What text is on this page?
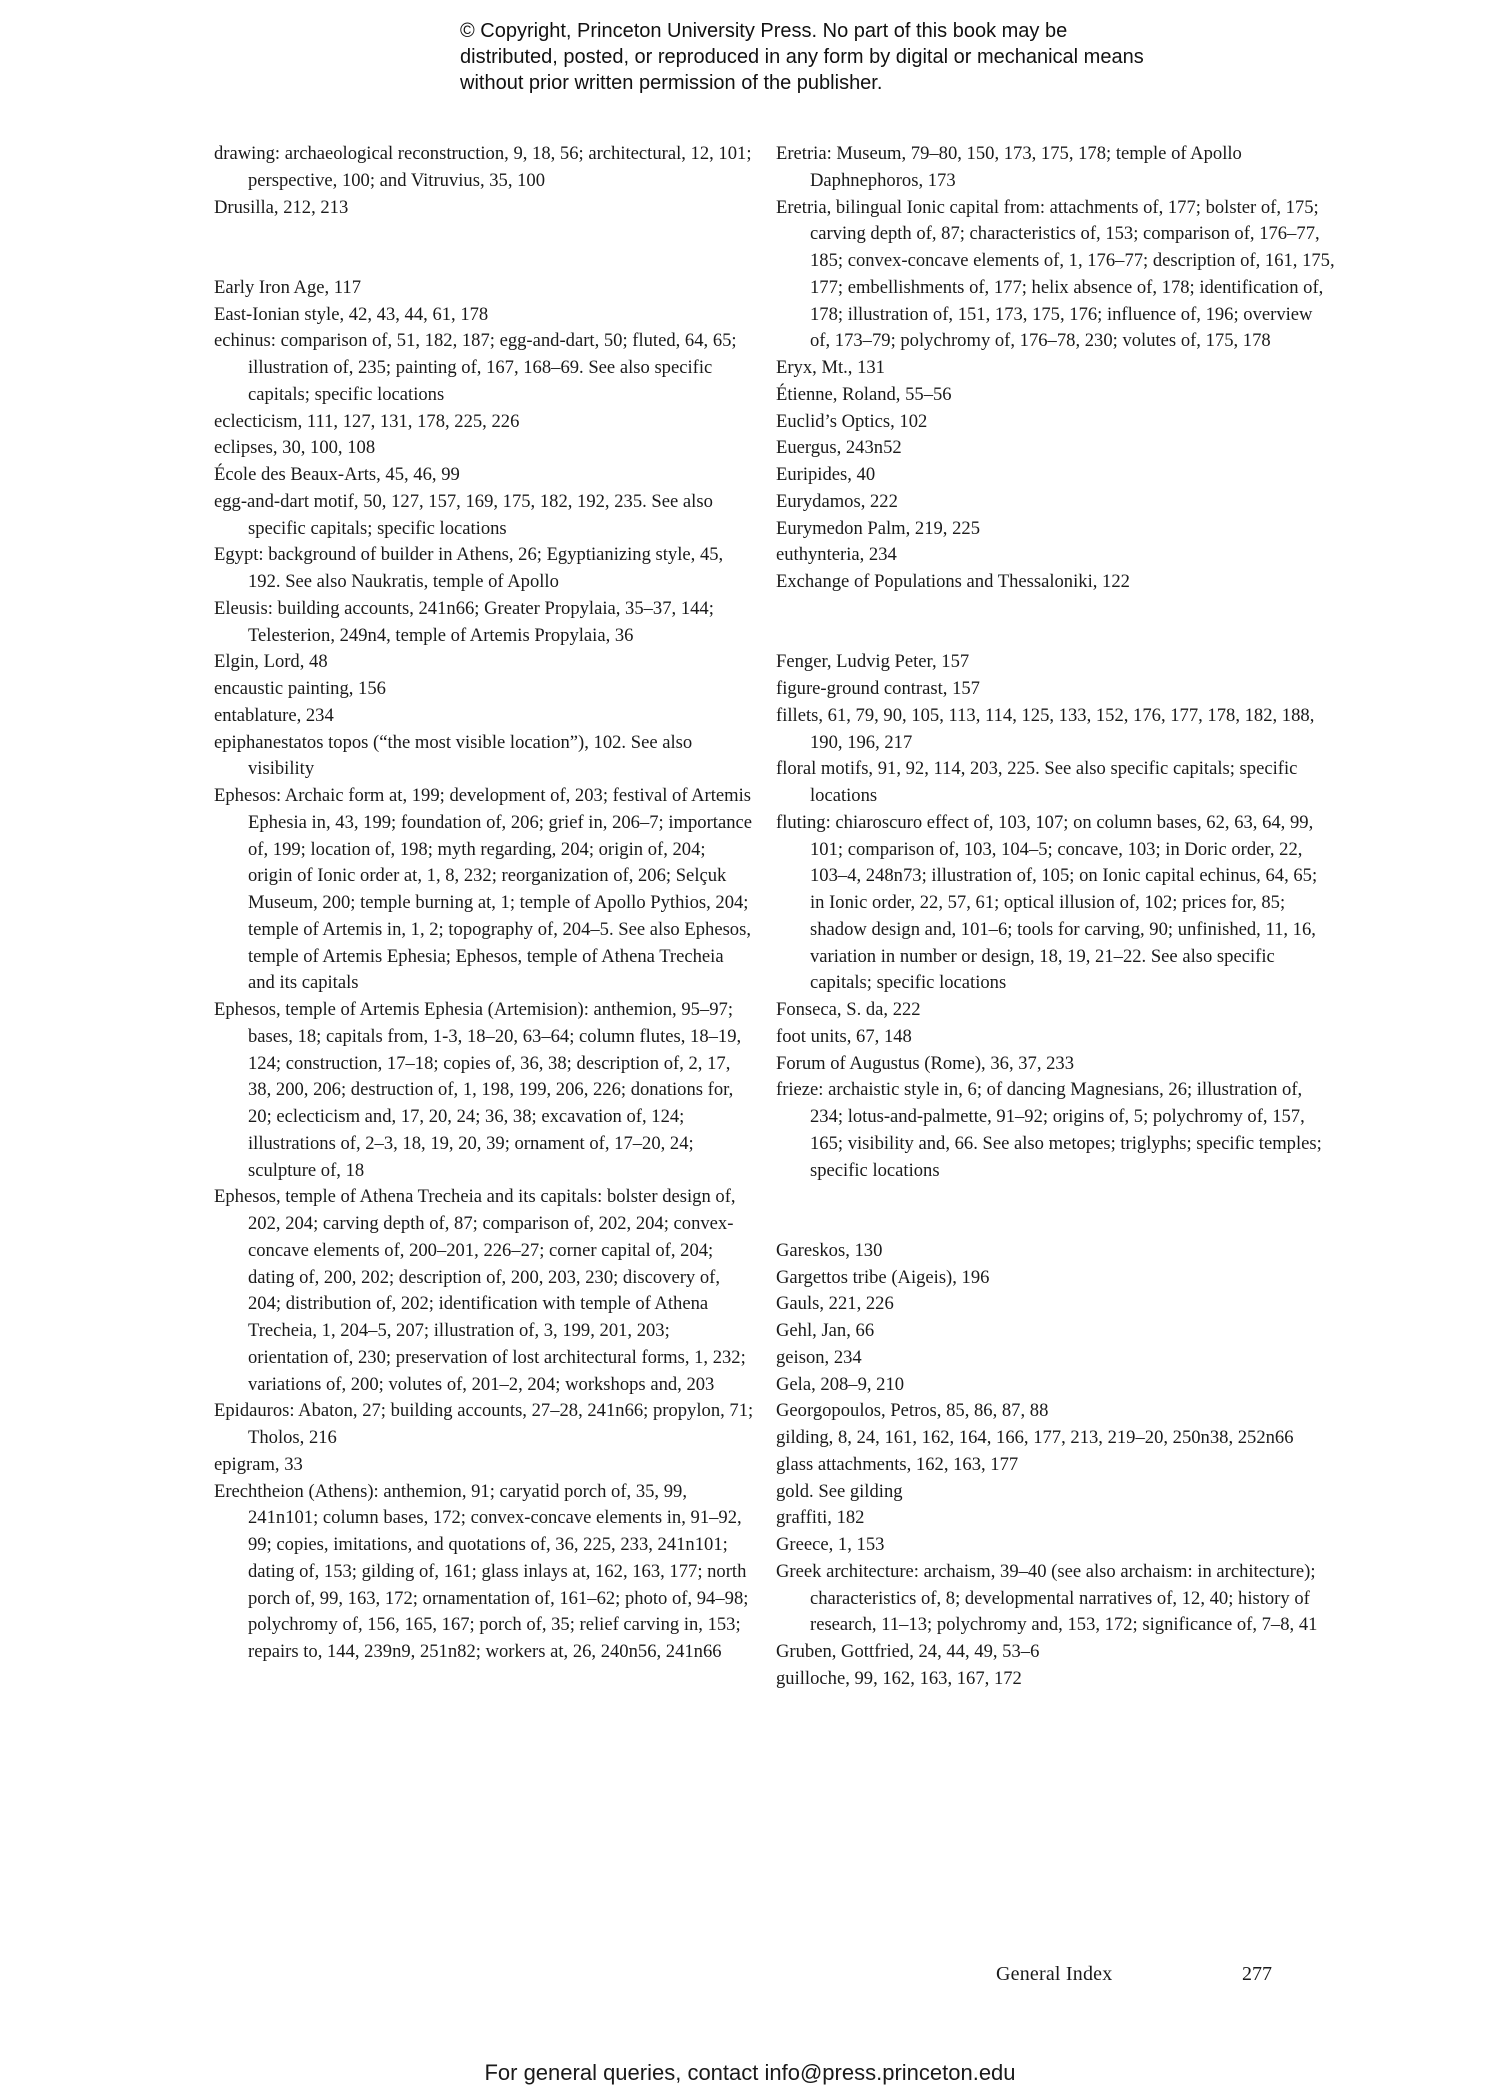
© Copyright, Princeton University Press. No part of this book may be distributed, posted, or reproduced in any form by digital or mechanical means without prior written permission of the publisher.
drawing: archaeological reconstruction, 9, 18, 56; architectural, 12, 101; perspective, 100; and Vitruvius, 35, 100
Drusilla, 212, 213
Early Iron Age, 117
East-Ionian style, 42, 43, 44, 61, 178
echinus: comparison of, 51, 182, 187; egg-and-dart, 50; fluted, 64, 65; illustration of, 235; painting of, 167, 168–69. See also specific capitals; specific locations
eclecticism, 111, 127, 131, 178, 225, 226
eclipses, 30, 100, 108
École des Beaux-Arts, 45, 46, 99
egg-and-dart motif, 50, 127, 157, 169, 175, 182, 192, 235. See also specific capitals; specific locations
Egypt: background of builder in Athens, 26; Egyptianizing style, 45, 192. See also Naukratis, temple of Apollo
Eleusis: building accounts, 241n66; Greater Propylaia, 35–37, 144; Telesterion, 249n4, temple of Artemis Propylaia, 36
Elgin, Lord, 48
encaustic painting, 156
entablature, 234
epiphanestatos topos (“the most visible location”), 102. See also visibility
Ephesos: Archaic form at, 199; development of, 203; festival of Artemis Ephesia in, 43, 199; foundation of, 206; grief in, 206–7; importance of, 199; location of, 198; myth regarding, 204; origin of, 204; origin of Ionic order at, 1, 8, 232; reorganization of, 206; Selçuk Museum, 200; temple burning at, 1; temple of Apollo Pythios, 204; temple of Artemis in, 1, 2; topography of, 204–5. See also Ephesos, temple of Artemis Ephesia; Ephesos, temple of Athena Trecheia and its capitals
Ephesos, temple of Artemis Ephesia (Artemision): anthemion, 95–97; bases, 18; capitals from, 1-3, 18–20, 63–64; column flutes, 18–19, 124; construction, 17–18; copies of, 36, 38; description of, 2, 17, 38, 200, 206; destruction of, 1, 198, 199, 206, 226; donations for, 20; eclecticism and, 17, 20, 24; 36, 38; excavation of, 124; illustrations of, 2–3, 18, 19, 20, 39; ornament of, 17–20, 24; sculpture of, 18
Ephesos, temple of Athena Trecheia and its capitals: bolster design of, 202, 204; carving depth of, 87; comparison of, 202, 204; convex-concave elements of, 200–201, 226–27; corner capital of, 204; dating of, 200, 202; description of, 200, 203, 230; discovery of, 204; distribution of, 202; identification with temple of Athena Trecheia, 1, 204–5, 207; illustration of, 3, 199, 201, 203; orientation of, 230; preservation of lost architectural forms, 1, 232; variations of, 200; volutes of, 201–2, 204; workshops and, 203
Epidauros: Abaton, 27; building accounts, 27–28, 241n66; propylon, 71; Tholos, 216
epigram, 33
Erechtheion (Athens): anthemion, 91; caryatid porch of, 35, 99, 241n101; column bases, 172; convex-concave elements in, 91–92, 99; copies, imitations, and quotations of, 36, 225, 233, 241n101; dating of, 153; gilding of, 161; glass inlays at, 162, 163, 177; north porch of, 99, 163, 172; ornamentation of, 161–62; photo of, 94–98; polychromy of, 156, 165, 167; porch of, 35; relief carving in, 153; repairs to, 144, 239n9, 251n82; workers at, 26, 240n56, 241n66
Eretria: Museum, 79–80, 150, 173, 175, 178; temple of Apollo Daphnephoros, 173
Eretria, bilingual Ionic capital from: attachments of, 177; bolster of, 175; carving depth of, 87; characteristics of, 153; comparison of, 176–77, 185; convex-concave elements of, 1, 176–77; description of, 161, 175, 177; embellishments of, 177; helix absence of, 178; identification of, 178; illustration of, 151, 173, 175, 176; influence of, 196; overview of, 173–79; polychromy of, 176–78, 230; volutes of, 175, 178
Eryx, Mt., 131
Étienne, Roland, 55–56
Euclid’s Optics, 102
Euergus, 243n52
Euripides, 40
Eurydamos, 222
Eurymedon Palm, 219, 225
euthynteria, 234
Exchange of Populations and Thessaloniki, 122
Fenger, Ludvig Peter, 157
figure-ground contrast, 157
fillets, 61, 79, 90, 105, 113, 114, 125, 133, 152, 176, 177, 178, 182, 188, 190, 196, 217
floral motifs, 91, 92, 114, 203, 225. See also specific capitals; specific locations
fluting: chiaroscuro effect of, 103, 107; on column bases, 62, 63, 64, 99, 101; comparison of, 103, 104–5; concave, 103; in Doric order, 22, 103–4, 248n73; illustration of, 105; on Ionic capital echinus, 64, 65; in Ionic order, 22, 57, 61; optical illusion of, 102; prices for, 85; shadow design and, 101–6; tools for carving, 90; unfinished, 11, 16, variation in number or design, 18, 19, 21–22. See also specific capitals; specific locations
Fonseca, S. da, 222
foot units, 67, 148
Forum of Augustus (Rome), 36, 37, 233
frieze: archaistic style in, 6; of dancing Magnesians, 26; illustration of, 234; lotus-and-palmette, 91–92; origins of, 5; polychromy of, 157, 165; visibility and, 66. See also metopes; triglyphs; specific temples; specific locations
Gareskos, 130
Gargettos tribe (Aigeis), 196
Gauls, 221, 226
Gehl, Jan, 66
geison, 234
Gela, 208–9, 210
Georgopoulos, Petros, 85, 86, 87, 88
gilding, 8, 24, 161, 162, 164, 166, 177, 213, 219–20, 250n38, 252n66
glass attachments, 162, 163, 177
gold. See gilding
graffiti, 182
Greece, 1, 153
Greek architecture: archaism, 39–40 (see also archaism: in architecture); characteristics of, 8; developmental narratives of, 12, 40; history of research, 11–13; polychromy and, 153, 172; significance of, 7–8, 41
Gruben, Gottfried, 24, 44, 49, 53–6
guilloche, 99, 162, 163, 167, 172
General Index	277
For general queries, contact info@press.princeton.edu
